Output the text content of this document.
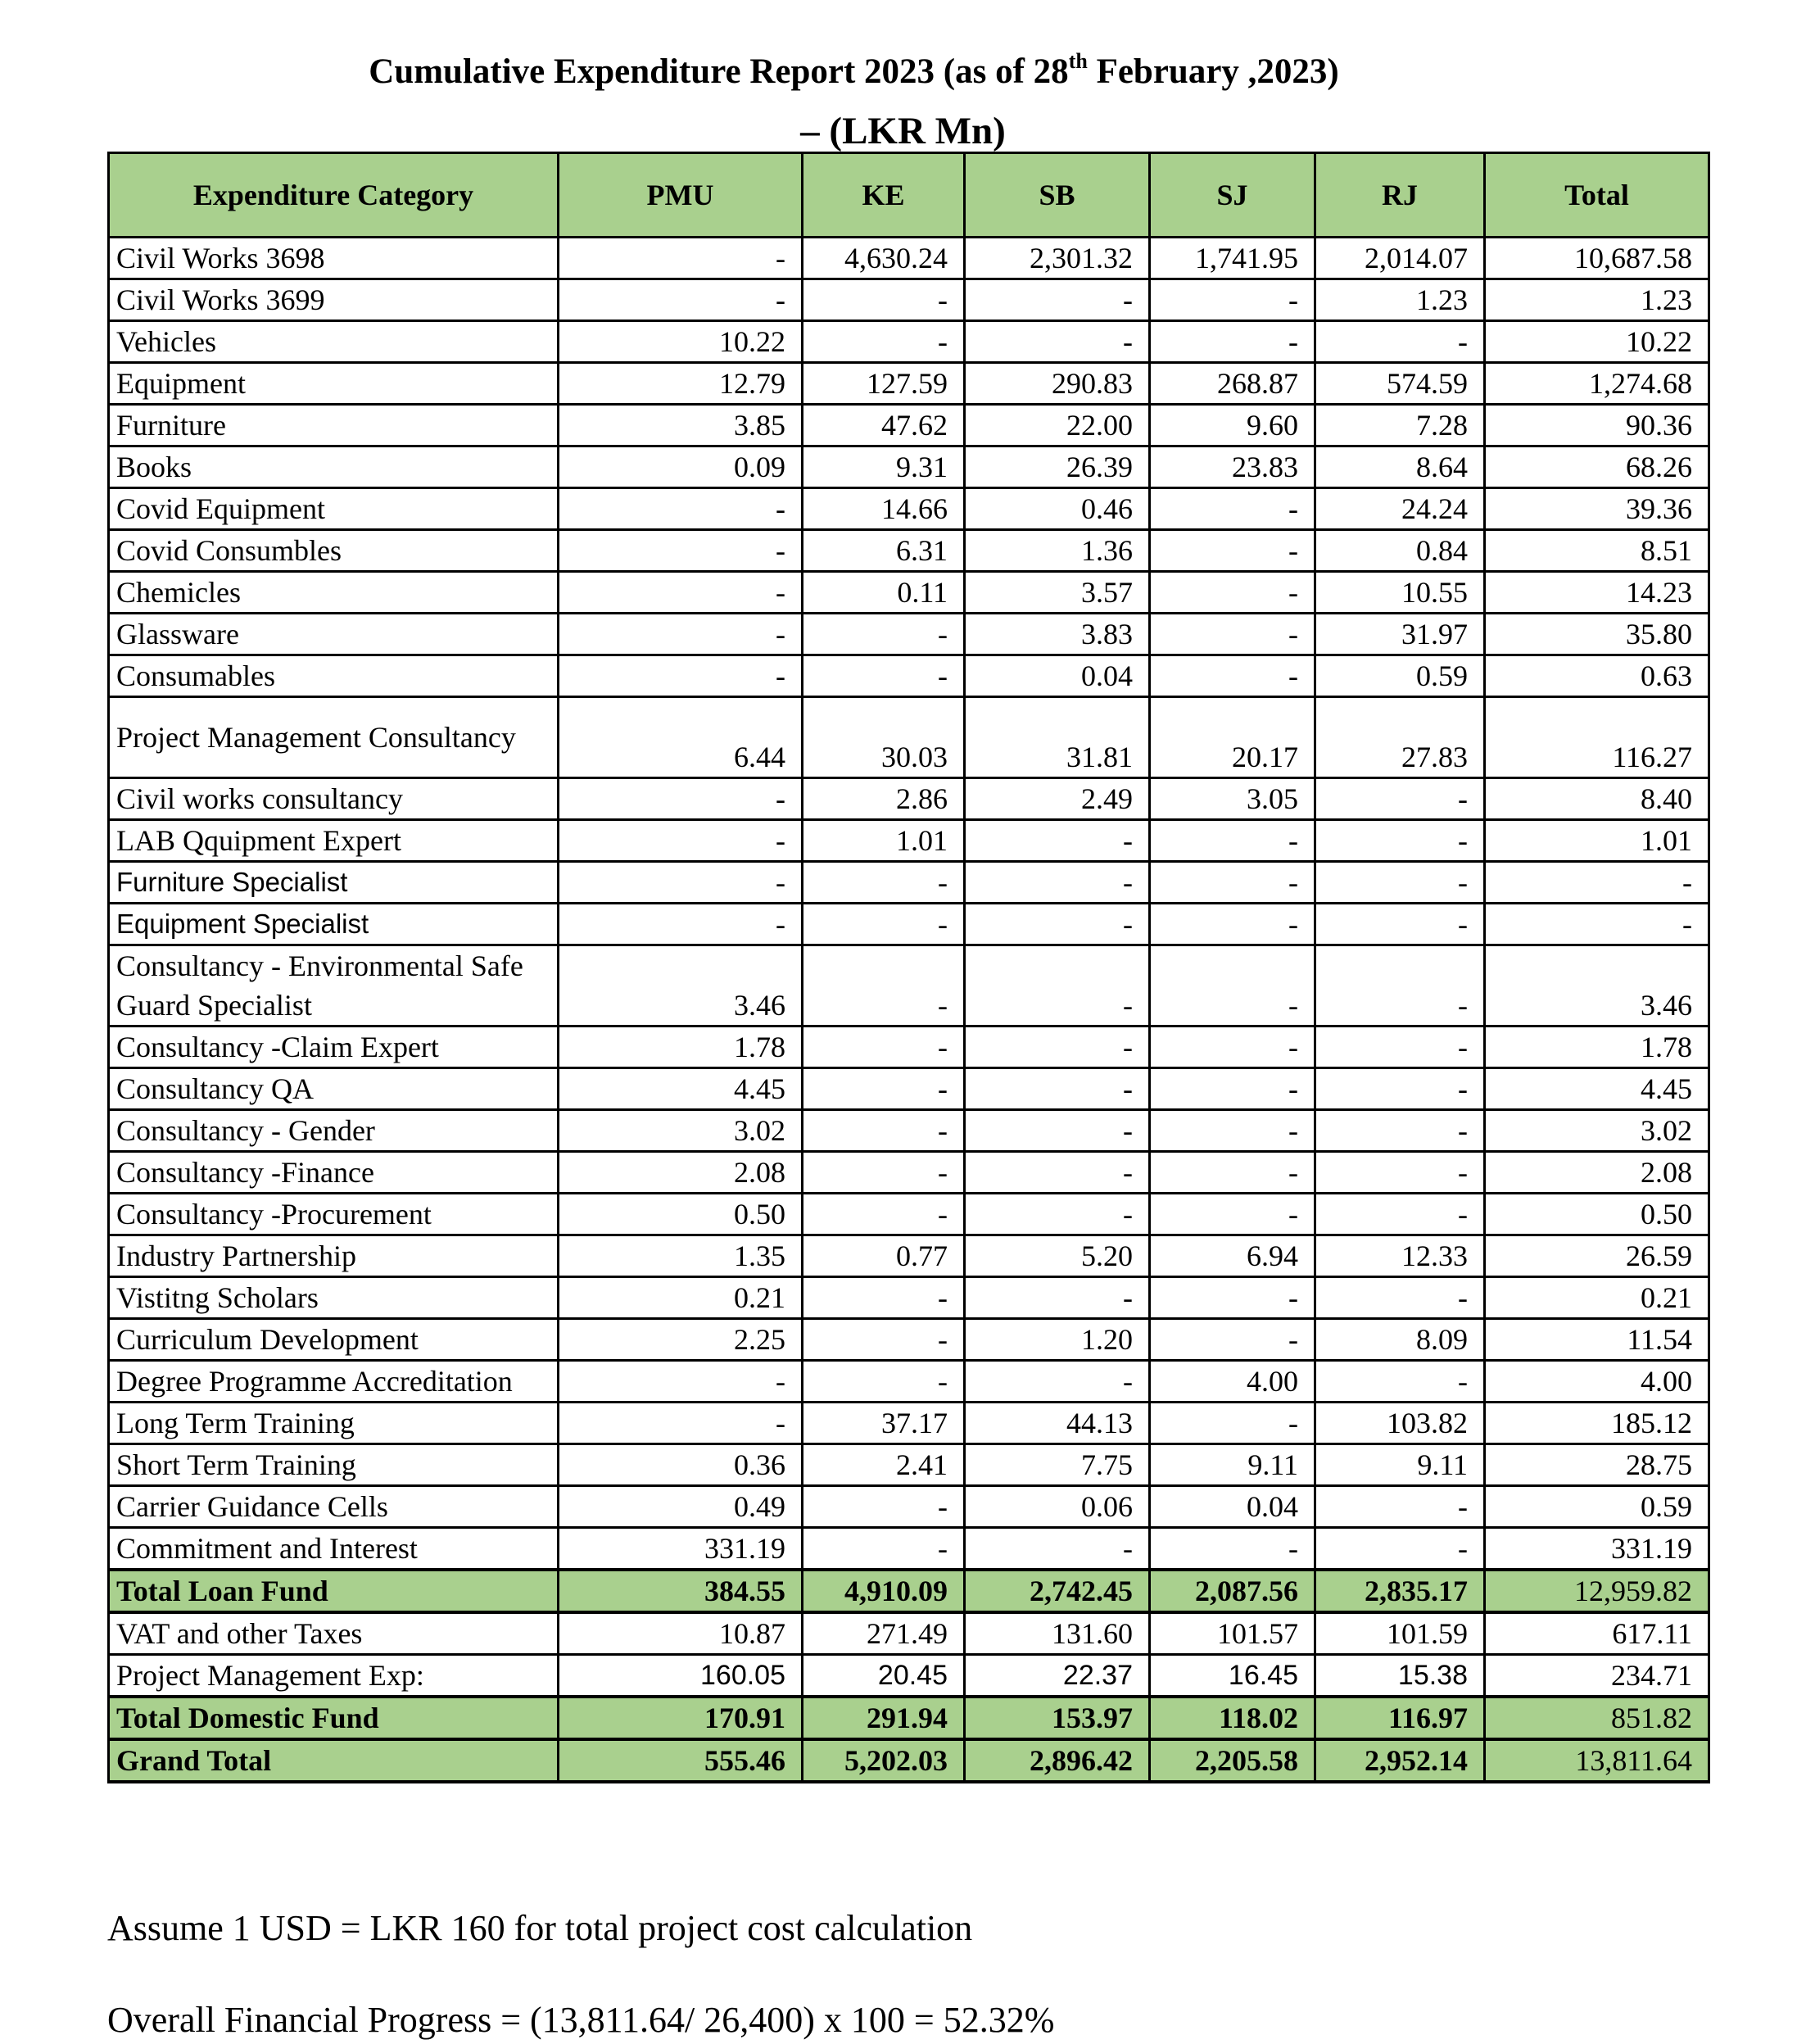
Cumulative Expenditure Report 2023 (as of 28th February ,2023)
– (LKR Mn)
Expenditure Category	PMU	KE	SB	SJ	RJ	Total
Civil Works 3698	-	4,630.24	2,301.32	1,741.95	2,014.07	10,687.58
Civil Works 3699	-	-	-	-	1.23	1.23
Vehicles	10.22	-	-	-	-	10.22
Equipment	12.79	127.59	290.83	268.87	574.59	1,274.68
Furniture	3.85	47.62	22.00	9.60	7.28	90.36
Books	0.09	9.31	26.39	23.83	8.64	68.26
Covid Equipment	-	14.66	0.46	-	24.24	39.36
Covid Consumbles	-	6.31	1.36	-	0.84	8.51
Chemicles	-	0.11	3.57	-	10.55	14.23
Glassware	-	-	3.83	-	31.97	35.80
Consumables	-	-	0.04	-	0.59	0.63
Project Management Consultancy	6.44	30.03	31.81	20.17	27.83	116.27
Civil works consultancy	-	2.86	2.49	3.05	-	8.40
LAB Qquipment Expert	-	1.01	-	-	-	1.01
Furniture Specialist	-	-	-	-	-	-
Equipment Specialist	-	-	-	-	-	-
Consultancy - Environmental Safe Guard Specialist	3.46	-	-	-	-	3.46
Consultancy -Claim Expert	1.78	-	-	-	-	1.78
Consultancy QA	4.45	-	-	-	-	4.45
Consultancy - Gender	3.02	-	-	-	-	3.02
Consultancy -Finance	2.08	-	-	-	-	2.08
Consultancy -Procurement	0.50	-	-	-	-	0.50
Industry Partnership	1.35	0.77	5.20	6.94	12.33	26.59
Vistitng Scholars	0.21	-	-	-	-	0.21
Curriculum Development	2.25	-	1.20	-	8.09	11.54
Degree Programme Accreditation	-	-	-	4.00	-	4.00
Long Term Training	-	37.17	44.13	-	103.82	185.12
Short Term Training	0.36	2.41	7.75	9.11	9.11	28.75
Carrier Guidance Cells	0.49	-	0.06	0.04	-	0.59
Commitment and Interest	331.19	-	-	-	-	331.19
Total Loan Fund	384.55	4,910.09	2,742.45	2,087.56	2,835.17	12,959.82
VAT and other Taxes	10.87	271.49	131.60	101.57	101.59	617.11
Project Management Exp:	160.05	20.45	22.37	16.45	15.38	234.71
Total Domestic Fund	170.91	291.94	153.97	118.02	116.97	851.82
Grand Total	555.46	5,202.03	2,896.42	2,205.58	2,952.14	13,811.64
Assume 1 USD = LKR 160 for total project cost calculation
Overall Financial Progress = (13,811.64/ 26,400) x 100 = 52.32%
